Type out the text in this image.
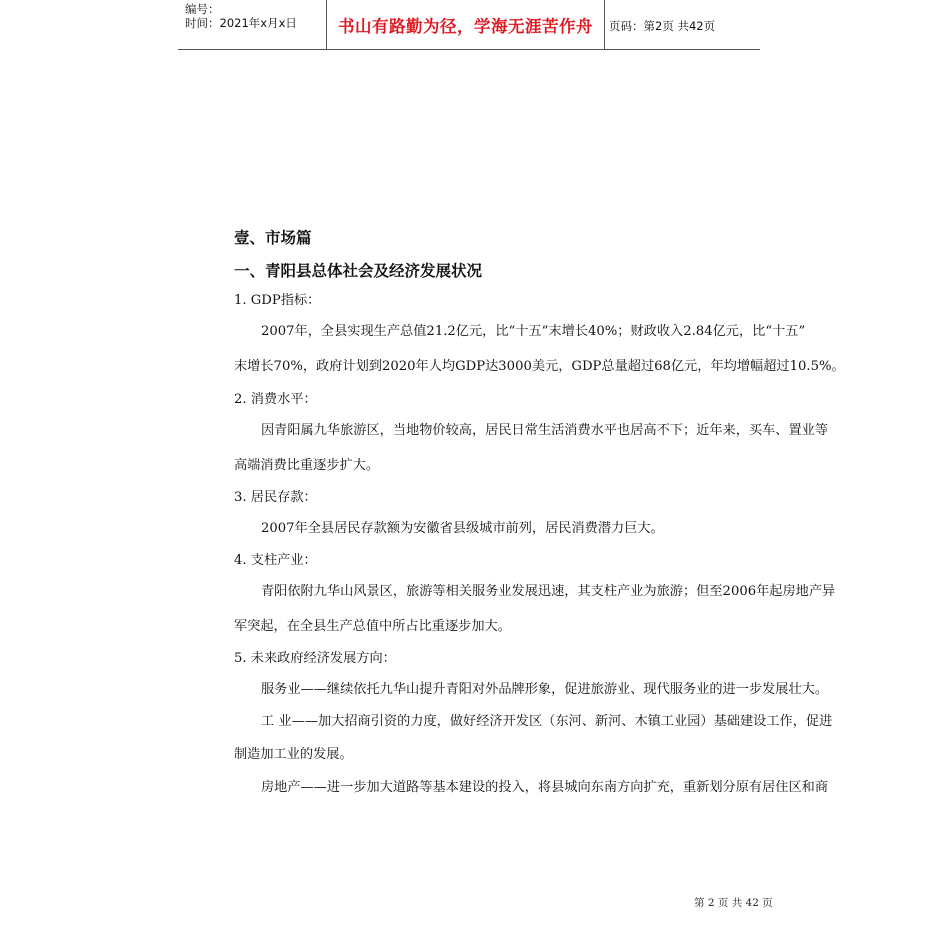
编号：
时间：2021年x月x日	书山有路勤为径，学海无涯苦作舟	页码：第2页 共42页
壹、市场篇
一、青阳县总体社会及经济发展状况
1. GDP指标：
2007年，全县实现生产总值21.2亿元，比“十五”末增长40%；财政收入2.84亿元，比“十五”
末增长70%，政府计划到2020年人均GDP达3000美元，GDP总量超过68亿元，年均增幅超过10.5%。
2. 消费水平：
因青阳属九华旅游区，当地物价较高，居民日常生活消费水平也居高不下；近年来，买车、置业等
高端消费比重逐步扩大。
3. 居民存款：
2007年全县居民存款额为安徽省县级城市前列，居民消费潜力巨大。
4. 支柱产业：
青阳依附九华山风景区，旅游等相关服务业发展迅速，其支柱产业为旅游；但至2006年起房地产异
军突起，在全县生产总值中所占比重逐步加大。
5. 未来政府经济发展方向：
服务业——继续依托九华山提升青阳对外品牌形象，促进旅游业、现代服务业的进一步发展壮大。
工 业——加大招商引资的力度，做好经济开发区（东河、新河、木镇工业园）基础建设工作，促进
制造加工业的发展。
房地产——进一步加大道路等基本建设的投入，将县城向东南方向扩充，重新划分原有居住区和商
第 2 页 共 42 页
